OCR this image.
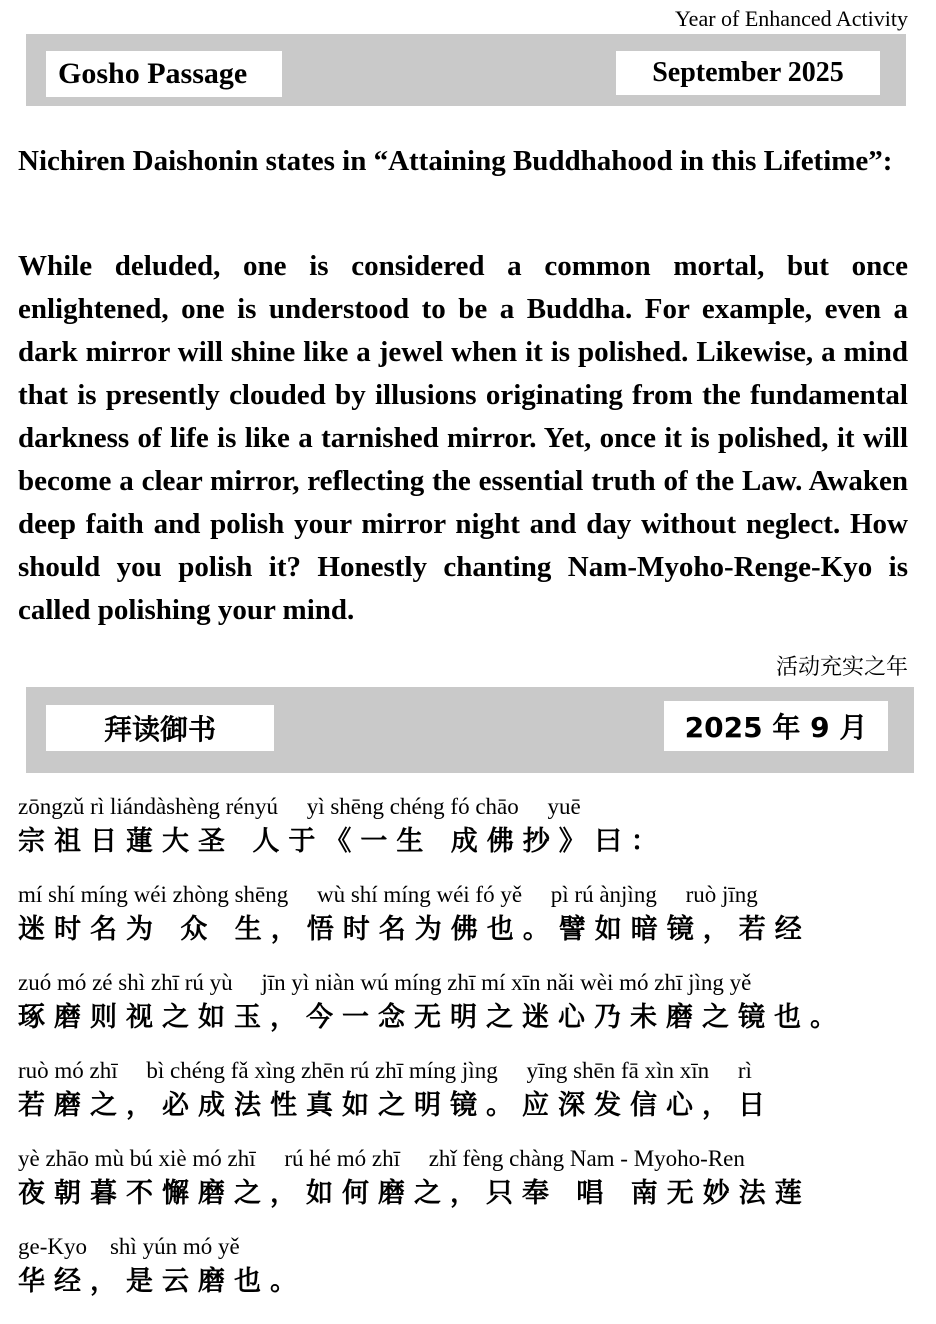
Year of Enhanced Activity
Gosho Passage	September 2025
Nichiren Daishonin states in “Attaining Buddhahood in this Lifetime”:
While deluded, one is considered a common mortal, but once enlightened, one is understood to be a Buddha. For example, even a dark mirror will shine like a jewel when it is polished. Likewise, a mind that is presently clouded by illusions originating from the fundamental darkness of life is like a tarnished mirror. Yet, once it is polished, it will become a clear mirror, reflecting the essential truth of the Law. Awaken deep faith and polish your mirror night and day without neglect. How should you polish it? Honestly chanting Nam-Myoho-Renge-Kyo is called polishing your mind.
活动充实之年
拜读御书	2025 年 9 月
zōngzǔ rì liándàshèng rényú     yì shēng chéng fó chāo     yuē
宗祖日蓮大圣 人于《一生 成佛抄》曰：
mí shí míng wéi zhòng shēng     wù shí míng wéi fó yě     pì rú ànjìng     ruò jīng
迷时名为 众 生，悟时名为佛也。譬如暗镜，若经
zuó mó zé shì zhī rú yù     jīn yì niàn wú míng zhī mí xīn nǎi wèi mó zhī jìng yě
琢磨则视之如玉，今一念无明之迷心乃未磨之镜也。
ruò mó zhī     bì chéng fǎ xìng zhēn rú zhī míng jìng     yīng shēn fā xìn xīn     rì
若磨之，必成法性真如之明镜。应深发信心，日
yè zhāo mù bú xiè mó zhī     rú hé mó zhī     zhǐ fèng chàng Nam - Myoho-Ren
夜朝暮不懈磨之，如何磨之，只奉 唱 南无妙法莲
ge-Kyo    shì yún mó yě
华经，是云磨也。
